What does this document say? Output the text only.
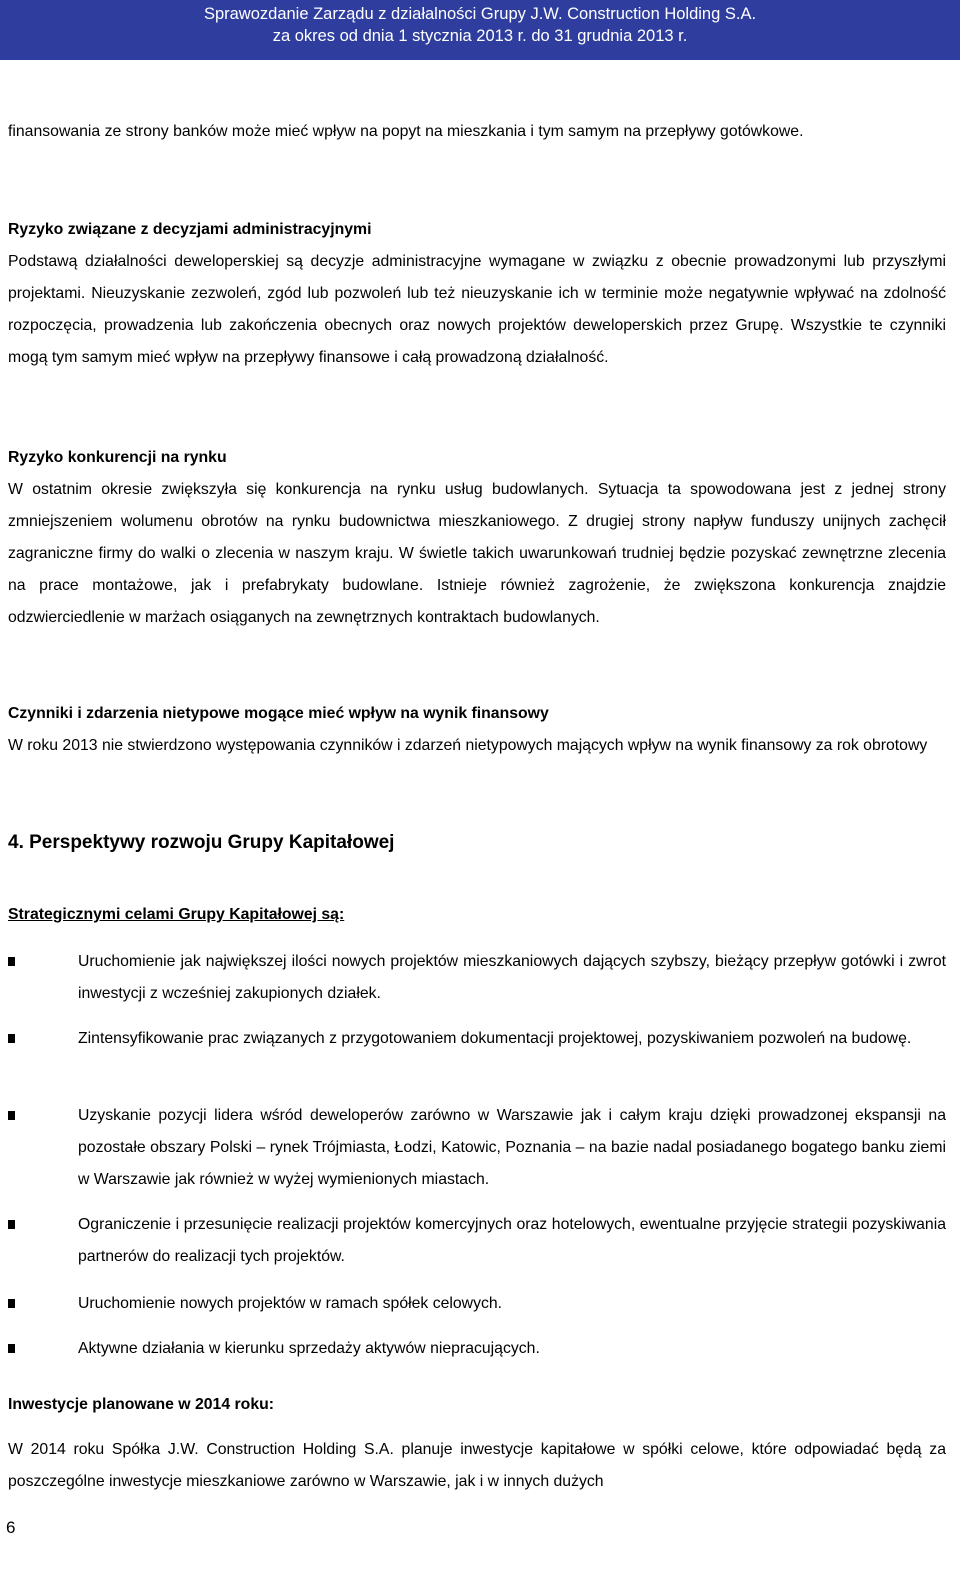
Sprawozdanie Zarządu z działalności Grupy J.W. Construction Holding S.A.
za okres od dnia 1 stycznia 2013 r. do 31 grudnia 2013 r.

finansowania ze strony banków może mieć wpływ na popyt na mieszkania i tym samym na przepływy gotówkowe.

Ryzyko związane z decyzjami administracyjnymi

Podstawą działalności deweloperskiej są decyzje administracyjne wymagane w związku z obecnie prowadzonymi lub przyszłymi projektami. Nieuzyskanie zezwoleń, zgód lub pozwoleń lub też nieuzyskanie ich w terminie może negatywnie wpływać na zdolność rozpoczęcia, prowadzenia lub zakończenia obecnych oraz nowych projektów deweloperskich przez Grupę. Wszystkie te czynniki mogą tym samym mieć wpływ na przepływy finansowe i całą prowadzoną działalność.

Ryzyko konkurencji na rynku

W ostatnim okresie zwiększyła się konkurencja na rynku usług budowlanych. Sytuacja ta spowodowana jest z jednej strony zmniejszeniem wolumenu obrotów na rynku budownictwa mieszkaniowego. Z drugiej strony napływ funduszy unijnych zachęcił zagraniczne firmy do walki o zlecenia w naszym kraju. W świetle takich uwarunkowań trudniej będzie pozyskać zewnętrzne zlecenia na prace montażowe, jak i prefabrykaty budowlane. Istnieje również zagrożenie, że zwiększona konkurencja znajdzie odzwierciedlenie w marżach osiąganych na zewnętrznych kontraktach budowlanych.

Czynniki i zdarzenia nietypowe mogące mieć wpływ na wynik finansowy

W roku 2013 nie stwierdzono występowania czynników i zdarzeń nietypowych mających wpływ na wynik finansowy za rok obrotowy

4. Perspektywy rozwoju Grupy Kapitałowej

Strategicznymi celami Grupy Kapitałowej są:

Uruchomienie jak największej ilości nowych projektów mieszkaniowych dających szybszy, bieżący przepływ gotówki i zwrot inwestycji z wcześniej zakupionych działek.
Zintensyfikowanie prac związanych z przygotowaniem dokumentacji projektowej, pozyskiwaniem pozwoleń na budowę.
Uzyskanie pozycji lidera wśród deweloperów zarówno w Warszawie jak i całym kraju dzięki prowadzonej ekspansji na pozostałe obszary Polski – rynek Trójmiasta, Łodzi, Katowic, Poznania – na bazie nadal posiadanego bogatego banku ziemi w Warszawie jak również w wyżej wymienionych miastach.
Ograniczenie i przesunięcie realizacji projektów komercyjnych oraz hotelowych, ewentualne przyjęcie strategii pozyskiwania partnerów do realizacji tych projektów.
Uruchomienie nowych projektów w ramach spółek celowych.
Aktywne działania w kierunku sprzedaży aktywów niepracujących.

Inwestycje planowane w 2014 roku:

W 2014 roku Spółka J.W. Construction Holding S.A. planuje inwestycje kapitałowe w spółki celowe, które odpowiadać będą za poszczególne inwestycje mieszkaniowe zarówno w Warszawie, jak i w innych dużych

6
